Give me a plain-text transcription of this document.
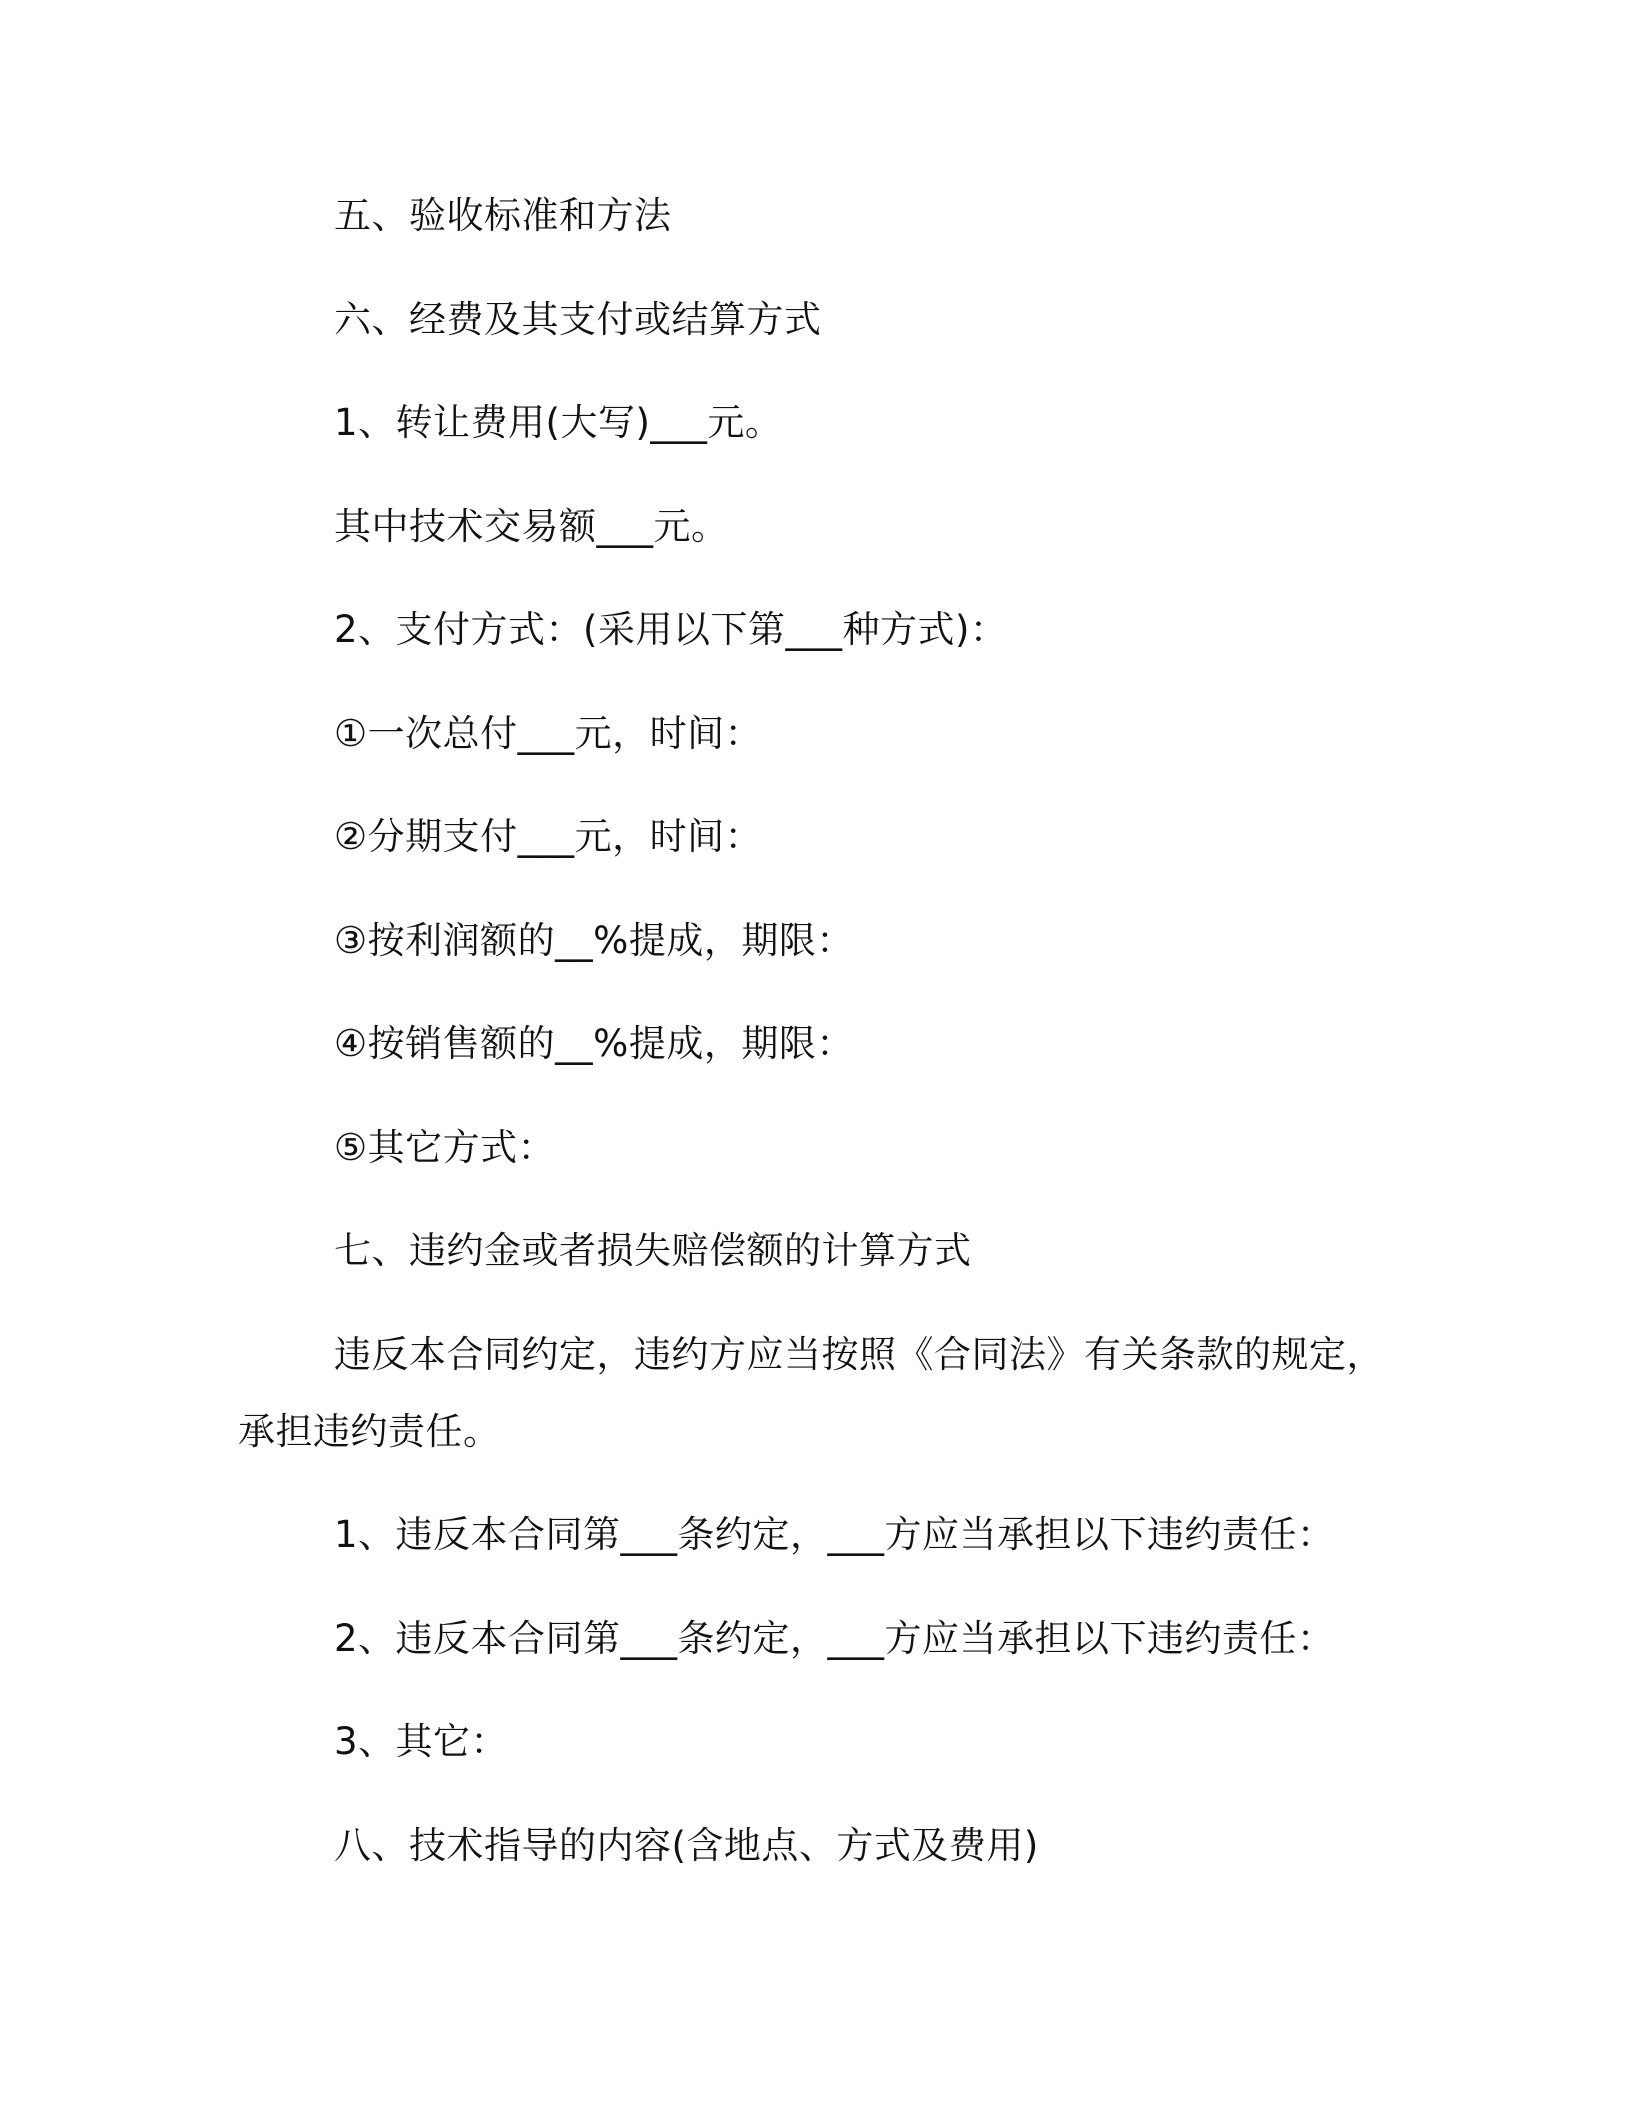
五、验收标准和方法
六、经费及其支付或结算方式
1、转让费用(大写)___元。
其中技术交易额___元。
2、支付方式：(采用以下第___种方式)：
①一次总付___元，时间：
②分期支付___元，时间：
③按利润额的__%提成，期限：
④按销售额的__%提成，期限：
⑤其它方式：
七、违约金或者损失赔偿额的计算方式
违反本合同约定，违约方应当按照《合同法》有关条款的规定，
承担违约责任。
1、违反本合同第___条约定，___方应当承担以下违约责任：
2、违反本合同第___条约定，___方应当承担以下违约责任：
3、其它：
八、技术指导的内容(含地点、方式及费用)
